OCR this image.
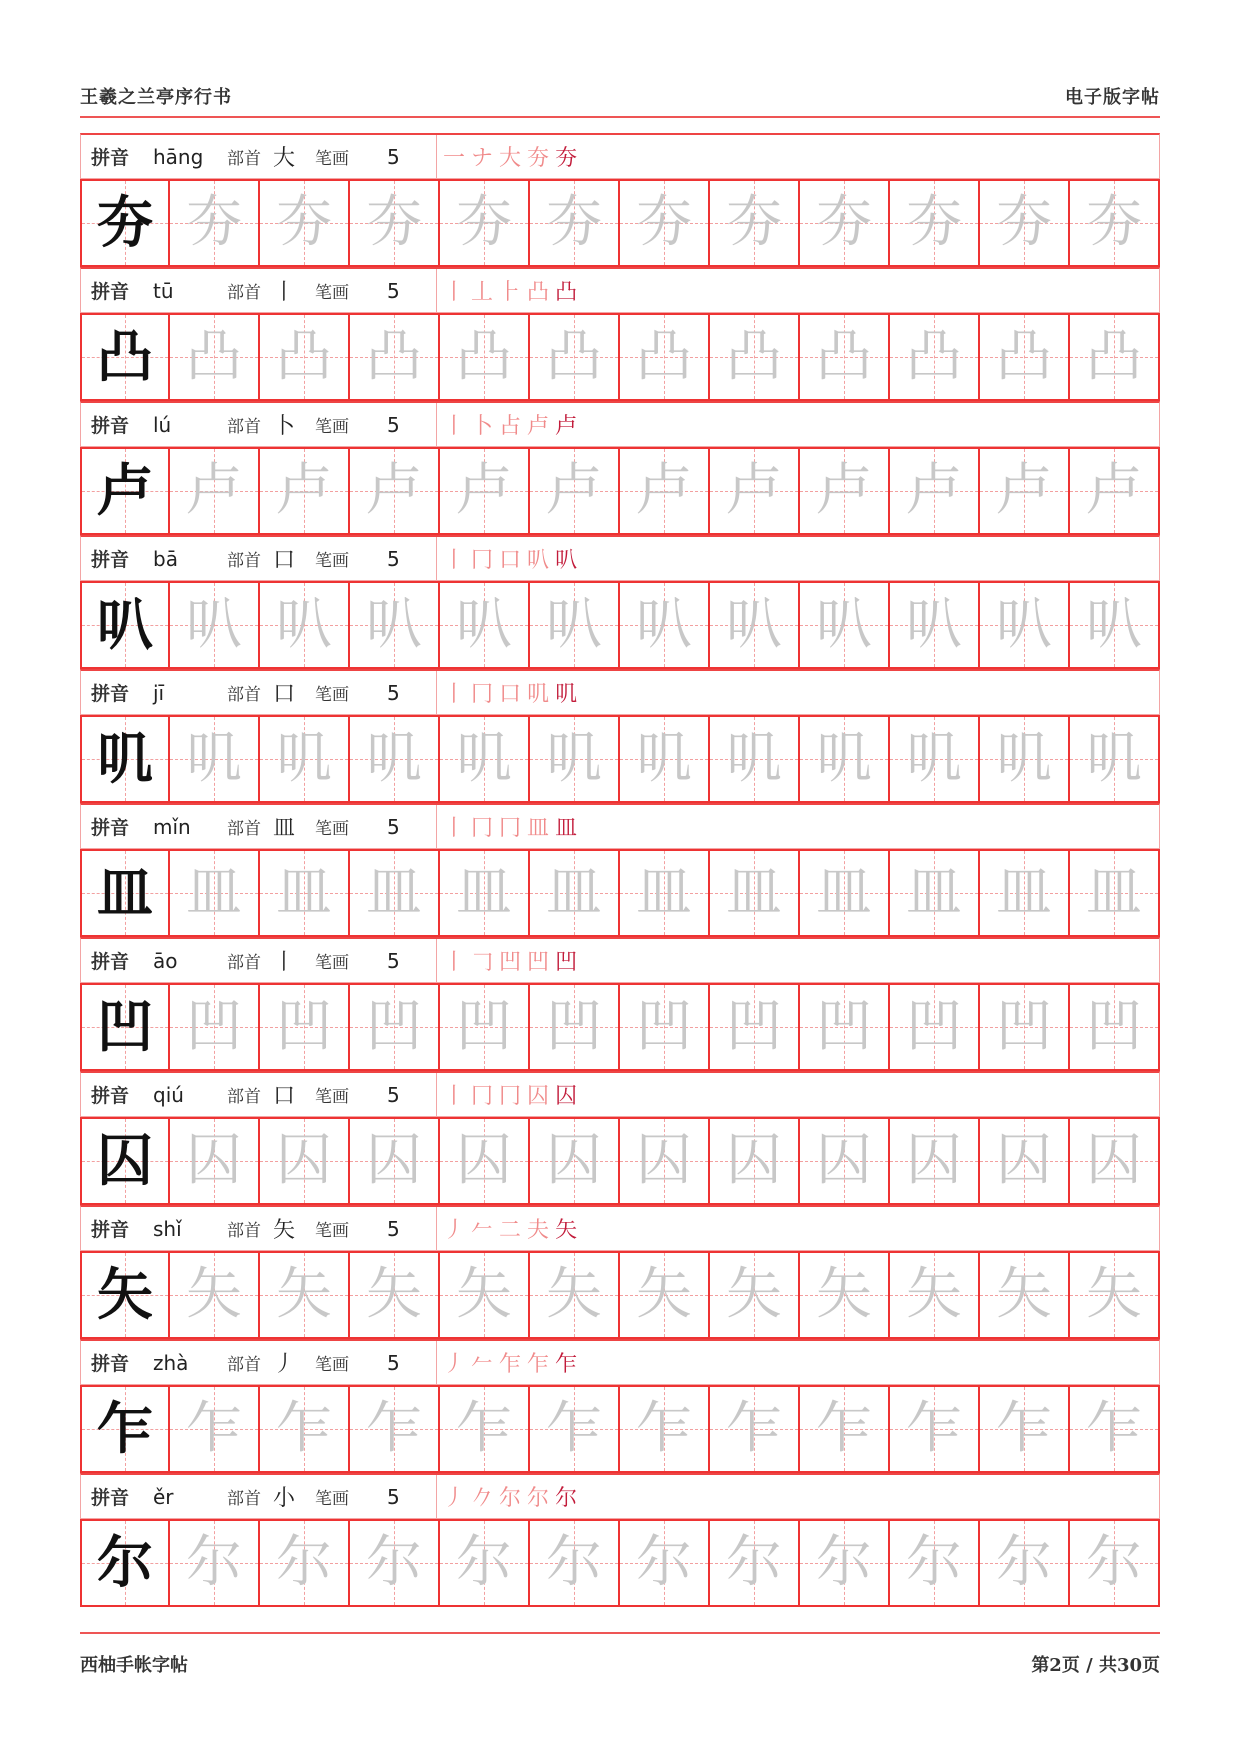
王羲之兰亭序行书	电子版字帖
拼音	hāng	部首 大	笔画	5	一 ナ 大 夯 夯
夯 夯 夯 夯 夯 夯 夯 夯 夯 夯 夯 夯
拼音	tū	部首 丨	笔画	5	丨 丄 ⺊ 凸 凸
凸 凸 凸 凸 凸 凸 凸 凸 凸 凸 凸 凸
拼音	lú	部首 卜	笔画	5	丨 卜 占 卢 卢
卢 卢 卢 卢 卢 卢 卢 卢 卢 卢 卢 卢
拼音	bā	部首 口	笔画	5	丨 冂 口 叭 叭
叭 叭 叭 叭 叭 叭 叭 叭 叭 叭 叭 叭
拼音	jī	部首 口	笔画	5	丨 冂 口 叽 叽
叽 叽 叽 叽 叽 叽 叽 叽 叽 叽 叽 叽
拼音	mǐn	部首 皿	笔画	5	丨 冂 冂 皿 皿
皿 皿 皿 皿 皿 皿 皿 皿 皿 皿 皿 皿
拼音	āo	部首 丨	笔画	5	丨 𠃌 凹 凹 凹
凹 凹 凹 凹 凹 凹 凹 凹 凹 凹 凹 凹
拼音	qiú	部首 口	笔画	5	丨 冂 冂 囚 囚
囚 囚 囚 囚 囚 囚 囚 囚 囚 囚 囚 囚
拼音	shǐ	部首 矢	笔画	5	丿 𠂉 二 夫 矢
矢 矢 矢 矢 矢 矢 矢 矢 矢 矢 矢 矢
拼音	zhà	部首 丿	笔画	5	丿 𠂉 乍 乍 乍
乍 乍 乍 乍 乍 乍 乍 乍 乍 乍 乍 乍
拼音	ěr	部首 小	笔画	5	丿 𠂊 尔 尔 尔
尔 尔 尔 尔 尔 尔 尔 尔 尔 尔 尔 尔
西柚手帐字帖	第2页 / 共30页
